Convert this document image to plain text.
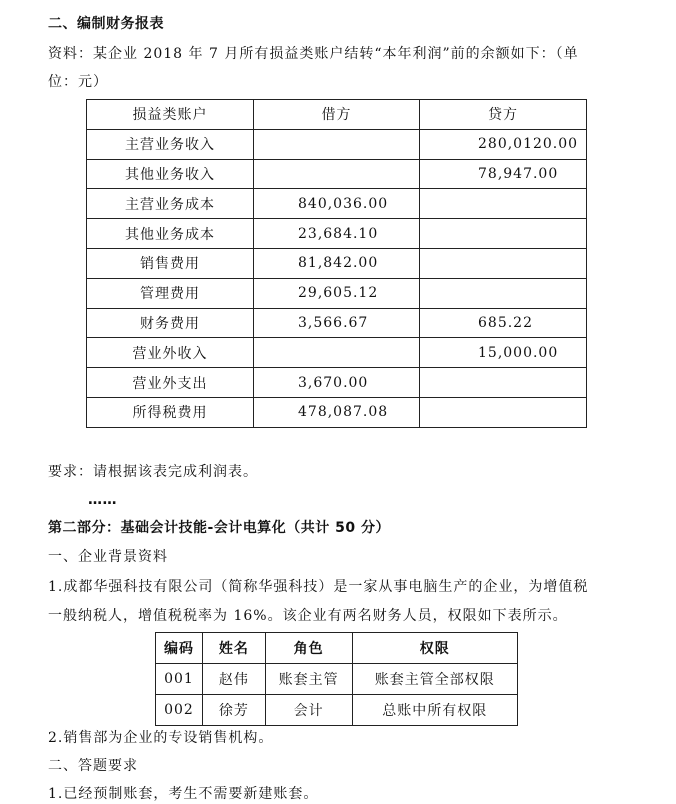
二、编制财务报表
资料：某企业 2018 年 7 月所有损益类账户结转“本年利润”前的余额如下：（单
位：元）
损益类账户	借方	贷方
主营业务收入		280,0120.00
其他业务收入		78,947.00
主营业务成本	840,036.00	
其他业务成本	23,684.10	
销售费用	81,842.00	
管理费用	29,605.12	
财务费用	3,566.67	685.22
营业外收入		15,000.00
营业外支出	3,670.00	
所得税费用	478,087.08	
要求：请根据该表完成利润表。
……
第二部分：基础会计技能-会计电算化（共计 50 分）
一、企业背景资料
1.成都华强科技有限公司（简称华强科技）是一家从事电脑生产的企业，为增值税
一般纳税人，增值税税率为 16%。该企业有两名财务人员，权限如下表所示。
编码	姓名	角色	权限
001	赵伟	账套主管	账套主管全部权限
002	徐芳	会计	总账中所有权限
2.销售部为企业的专设销售机构。
二、答题要求
1.已经预制账套，考生不需要新建账套。
